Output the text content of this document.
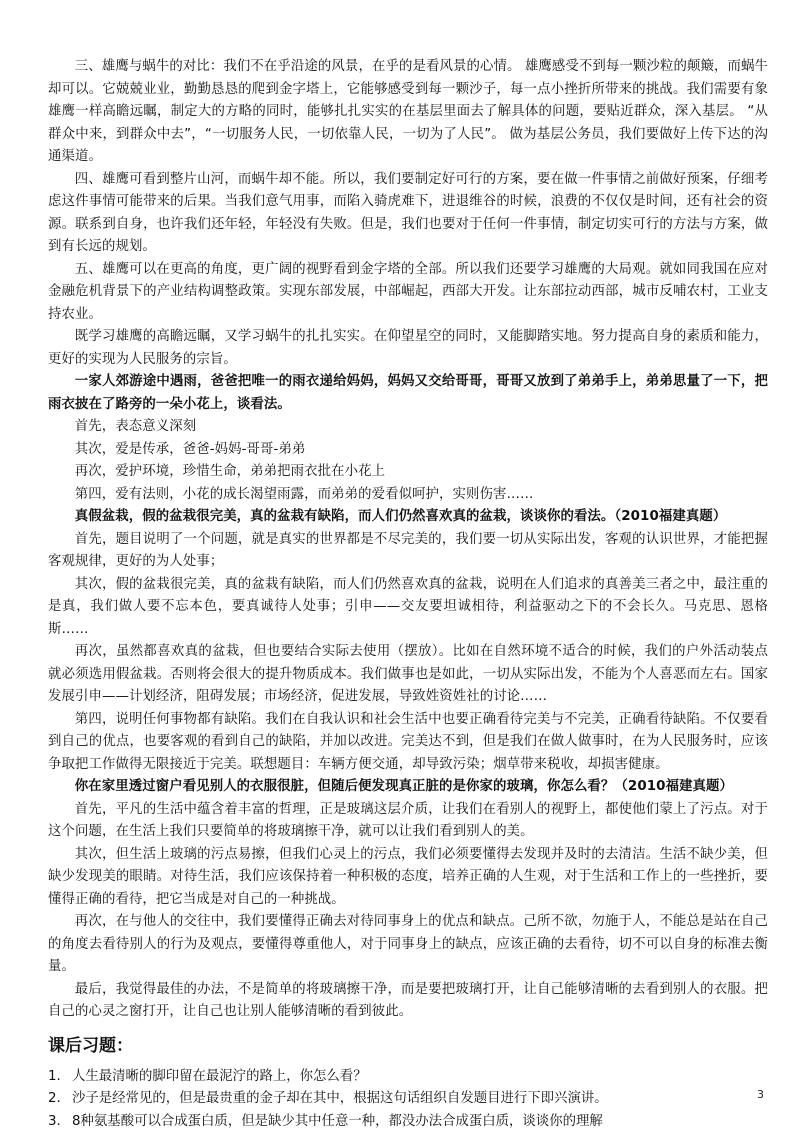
三、雄鹰与蜗牛的对比：我们不在乎沿途的风景，在乎的是看风景的心情。 雄鹰感受不到每一颗沙粒的颠簸，而蜗牛却可以。它兢兢业业，勤勤恳恳的爬到金字塔上，它能够感受到每一颗沙子，每一点小挫折所带来的挑战。我们需要有象雄鹰一样高瞻远瞩，制定大的方略的同时，能够扎扎实实的在基层里面去了解具体的问题，要贴近群众，深入基层。 “从群众中来，到群众中去”，“一切服务人民，一切依靠人民，一切为了人民”。 做为基层公务员，我们要做好上传下达的沟通渠道。

四、雄鹰可看到整片山河，而蜗牛却不能。所以，我们要制定好可行的方案，要在做一件事情之前做好预案，仔细考虑这件事情可能带来的后果。当我们意气用事，而陷入骑虎难下，进退维谷的时候，浪费的不仅仅是时间，还有社会的资源。联系到自身，也许我们还年轻，年轻没有失败。但是，我们也要对于任何一件事情，制定切实可行的方法与方案，做到有长远的规划。

五、雄鹰可以在更高的角度，更广阔的视野看到金字塔的全部。所以我们还要学习雄鹰的大局观。就如同我国在应对金融危机背景下的产业结构调整政策。实现东部发展，中部崛起，西部大开发。让东部拉动西部，城市反哺农村，工业支持农业。

既学习雄鹰的高瞻远瞩，又学习蜗牛的扎扎实实。在仰望星空的同时，又能脚踏实地。努力提高自身的素质和能力，更好的实现为人民服务的宗旨。

一家人郊游途中遇雨，爸爸把唯一的雨衣递给妈妈，妈妈又交给哥哥，哥哥又放到了弟弟手上，弟弟思量了一下，把雨衣披在了路旁的一朵小花上，谈看法。

首先，表态意义深刻

其次，爱是传承，爸爸-妈妈-哥哥-弟弟

再次，爱护环境，珍惜生命，弟弟把雨衣批在小花上

第四，爱有法则，小花的成长渴望雨露，而弟弟的爱看似呵护，实则伤害……

真假盆栽，假的盆栽很完美，真的盆栽有缺陷，而人们仍然喜欢真的盆栽，谈谈你的看法。（2010福建真题）

首先，题目说明了一个问题，就是真实的世界都是不尽完美的，我们要一切从实际出发，客观的认识世界，才能把握客观规律，更好的为人处事；

其次，假的盆栽很完美，真的盆栽有缺陷，而人们仍然喜欢真的盆栽，说明在人们追求的真善美三者之中，最注重的是真，我们做人要不忘本色，要真诚待人处事；引申——交友要坦诚相待，利益驱动之下的不会长久。马克思、恩格斯……

再次，虽然都喜欢真的盆栽，但也要结合实际去使用（摆放）。比如在自然环境不适合的时候，我们的户外活动装点就必须选用假盆栽。否则将会很大的提升物质成本。我们做事也是如此，一切从实际出发，不能为个人喜恶而左右。国家发展引申——计划经济，阻碍发展；市场经济，促进发展，导致姓资姓社的讨论……

第四，说明任何事物都有缺陷。我们在自我认识和社会生活中也要正确看待完美与不完美，正确看待缺陷。不仅要看到自己的优点，也要客观的看到自己的缺陷，并加以改进。完美达不到，但是我们在做人做事时，在为人民服务时，应该争取把工作做得无限接近于完美。联想题目：车辆方便交通，却导致污染；烟草带来税收，却损害健康。

你在家里透过窗户看见别人的衣服很脏，但随后便发现真正脏的是你家的玻璃，你怎么看？（2010福建真题）

首先，平凡的生活中蕴含着丰富的哲理，正是玻璃这层介质，让我们在看别人的视野上，都使他们蒙上了污点。对于这个问题，在生活上我们只要简单的将玻璃擦干净，就可以让我们看到别人的美。

其次，但生活上玻璃的污点易擦，但我们心灵上的污点，我们必须要懂得去发现并及时的去清洁。生活不缺少美，但缺少发现美的眼睛。对待生活，我们应该保持着一种积极的态度，培养正确的人生观，对于生活和工作上的一些挫折，要懂得正确的看待，把它当成是对自己的一种挑战。

再次，在与他人的交往中，我们要懂得正确去对待同事身上的优点和缺点。己所不欲，勿施于人，不能总是站在自己的角度去看待别人的行为及观点，要懂得尊重他人，对于同事身上的缺点，应该正确的去看待，切不可以自身的标准去衡量。

最后，我觉得最佳的办法，不是简单的将玻璃擦干净，而是要把玻璃打开，让自己能够清晰的去看到别人的衣服。把自己的心灵之窗打开，让自己也让别人能够清晰的看到彼此。

课后习题：
1. 人生最清晰的脚印留在最泥泞的路上，你怎么看？
2. 沙子是经常见的，但是最贵重的金子却在其中，根据这句话组织自发题目进行下即兴演讲。
3. 8种氨基酸可以合成蛋白质，但是缺少其中任意一种，都没办法合成蛋白质，谈谈你的理解
3
